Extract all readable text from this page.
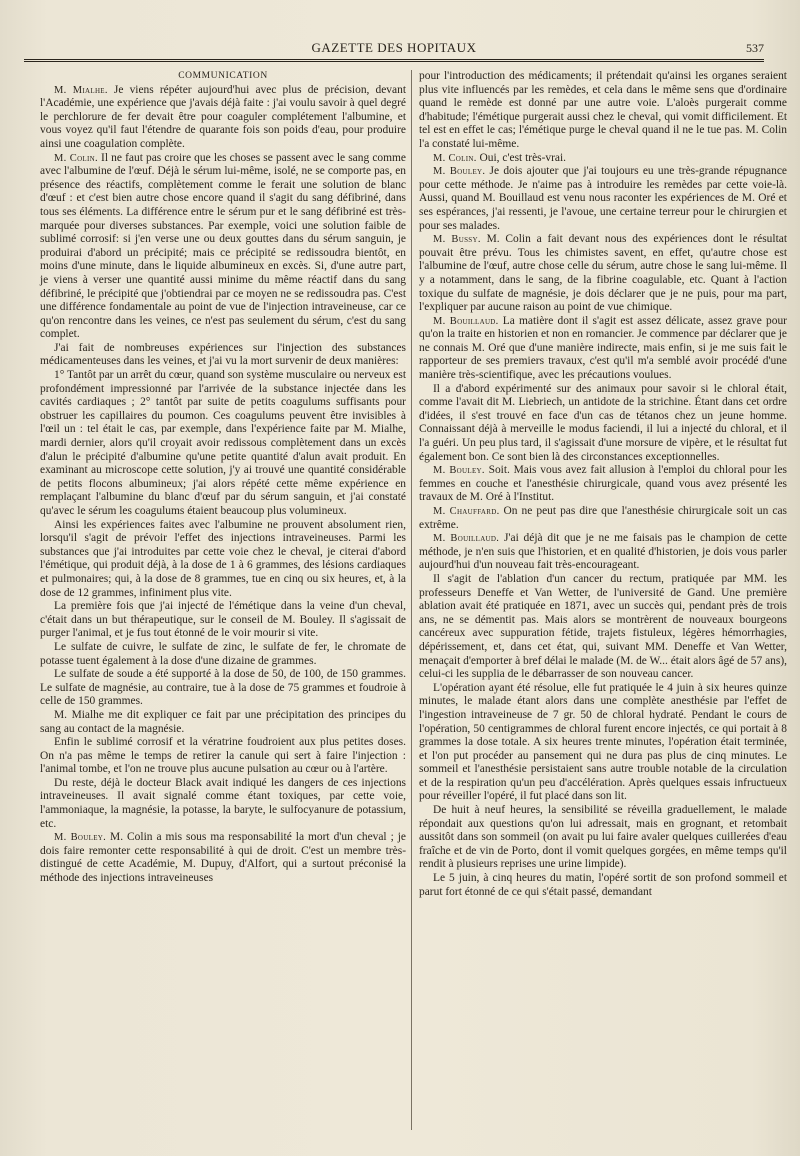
GAZETTE DES HOPITAUX	537

COMMUNICATION

M. Mialhe. Je viens répéter aujourd'hui avec plus de précision, devant l'Académie, une expérience que j'avais déjà faite : j'ai voulu savoir à quel degré le perchlorure de fer devait être pour coaguler complétement l'albumine, et vous voyez qu'il faut l'étendre de quarante fois son poids d'eau, pour produire ainsi une coagulation complète.

M. Colin. Il ne faut pas croire que les choses se passent avec le sang comme avec l'albumine de l'œuf. Déjà le sérum lui-même, isolé, ne se comporte pas, en présence des réactifs, complètement comme le ferait une solution de blanc d'œuf : et c'est bien autre chose encore quand il s'agit du sang défibriné, dans tous ses éléments. La différence entre le sérum pur et le sang défibriné est très-marquée pour diverses substances. Par exemple, voici une solution faible de sublimé corrosif: si j'en verse une ou deux gouttes dans du sérum sanguin, je produirai d'abord un précipité; mais ce précipité se redissoudra bientôt, en moins d'une minute, dans le liquide albumineux en excès. Si, d'une autre part, je viens à verser une quantité aussi minime du même réactif dans du sang défibriné, le précipité que j'obtiendrai par ce moyen ne se redissoudra pas. C'est une différence fondamentale au point de vue de l'injection intraveineuse, car ce qu'on rencontre dans les veines, ce n'est pas seulement du sérum, c'est du sang complet.

J'ai fait de nombreuses expériences sur l'injection des substances médicamenteuses dans les veines, et j'ai vu la mort survenir de deux manières:

1° Tantôt par un arrêt du cœur, quand son système musculaire ou nerveux est profondément impressionné par l'arrivée de la substance injectée dans les cavités cardiaques ; 2° tantôt par suite de petits coagulums suffisants pour obstruer les capillaires du poumon. Ces coagulums peuvent être invisibles à l'œil un : tel était le cas, par exemple, dans l'expérience faite par M. Mialhe, mardi dernier, alors qu'il croyait avoir redissous complètement dans un excès d'alun le précipité d'albumine qu'une petite quantité d'alun avait produit. En examinant au microscope cette solution, j'y ai trouvé une quantité considérable de petits flocons albumineux; j'ai alors répété cette même expérience en remplaçant l'albumine du blanc d'œuf par du sérum sanguin, et j'ai constaté qu'avec le sérum les coagulums étaient beaucoup plus volumineux.

Ainsi les expériences faites avec l'albumine ne prouvent absolument rien, lorsqu'il s'agit de prévoir l'effet des injections intraveineuses. Parmi les substances que j'ai introduites par cette voie chez le cheval, je citerai d'abord l'émétique, qui produit déjà, à la dose de 1 à 6 grammes, des lésions cardiaques et pulmonaires; qui, à la dose de 8 grammes, tue en cinq ou six heures, et, à la dose de 12 grammes, infiniment plus vite.

La première fois que j'ai injecté de l'émétique dans la veine d'un cheval, c'était dans un but thérapeutique, sur le conseil de M. Bouley. Il s'agissait de purger l'animal, et je fus tout étonné de le voir mourir si vite.

Le sulfate de cuivre, le sulfate de zinc, le sulfate de fer, le chromate de potasse tuent également à la dose d'une dizaine de grammes.

Le sulfate de soude a été supporté à la dose de 50, de 100, de 150 grammes. Le sulfate de magnésie, au contraire, tue à la dose de 75 grammes et foudroie à celle de 150 grammes.

M. Mialhe me dit expliquer ce fait par une précipitation des principes du sang au contact de la magnésie.

Enfin le sublimé corrosif et la vératrine foudroient aux plus petites doses. On n'a pas même le temps de retirer la canule qui sert à faire l'injection : l'animal tombe, et l'on ne trouve plus aucune pulsation au cœur ou à l'artère.

Du reste, déjà le docteur Black avait indiqué les dangers de ces injections intraveineuses. Il avait signalé comme étant toxiques, par cette voie, l'ammoniaque, la magnésie, la potasse, la baryte, le sulfocyanure de potassium, etc.

M. Bouley. M. Colin a mis sous ma responsabilité la mort d'un cheval ; je dois faire remonter cette responsabilité à qui de droit. C'est un membre très-distingué de cette Académie, M. Dupuy, d'Alfort, qui a surtout préconisé la méthode des injections intraveineuses

pour l'introduction des médicaments; il prétendait qu'ainsi les organes seraient plus vite influencés par les remèdes, et cela dans le même sens que d'ordinaire quand le remède est donné par une autre voie. L'aloès purgerait comme d'habitude; l'émétique purgerait aussi chez le cheval, qui vomit difficilement. Et tel est en effet le cas; l'émétique purge le cheval quand il ne le tue pas. M. Colin l'a constaté lui-même.

M. Colin. Oui, c'est très-vrai.

M. Bouley. Je dois ajouter que j'ai toujours eu une très-grande répugnance pour cette méthode. Je n'aime pas à introduire les remèdes par cette voie-là. Aussi, quand M. Bouillaud est venu nous raconter les expériences de M. Oré et ses espérances, j'ai ressenti, je l'avoue, une certaine terreur pour le chirurgien et pour ses malades.

M. Bussy. M. Colin a fait devant nous des expériences dont le résultat pouvait être prévu. Tous les chimistes savent, en effet, qu'autre chose est l'albumine de l'œuf, autre chose celle du sérum, autre chose le sang lui-même. Il y a notamment, dans le sang, de la fibrine coagulable, etc. Quant à l'action toxique du sulfate de magnésie, je dois déclarer que je ne puis, pour ma part, l'expliquer par aucune raison au point de vue chimique.

M. Bouillaud. La matière dont il s'agit est assez délicate, assez grave pour qu'on la traite en historien et non en romancier. Je commence par déclarer que je ne connais M. Oré que d'une manière indirecte, mais enfin, si je me suis fait le rapporteur de ses premiers travaux, c'est qu'il m'a semblé avoir procédé d'une manière très-scientifique, avec les précautions voulues.

Il a d'abord expérimenté sur des animaux pour savoir si le chloral était, comme l'avait dit M. Liebriech, un antidote de la strichine. Étant dans cet ordre d'idées, il s'est trouvé en face d'un cas de tétanos chez un jeune homme. Connaissant déjà à merveille le modus faciendi, il lui a injecté du chloral, et il l'a guéri. Un peu plus tard, il s'agissait d'une morsure de vipère, et le résultat fut également bon. Ce sont bien là des circonstances exceptionnelles.

M. Bouley. Soit. Mais vous avez fait allusion à l'emploi du chloral pour les femmes en couche et l'anesthésie chirurgicale, quand vous avez présenté les travaux de M. Oré à l'Institut.

M. Chauffard. On ne peut pas dire que l'anesthésie chirurgicale soit un cas extrême.

M. Bouillaud. J'ai déjà dit que je ne me faisais pas le champion de cette méthode, je n'en suis que l'historien, et en qualité d'historien, je dois vous parler aujourd'hui d'un nouveau fait très-encourageant.

Il s'agit de l'ablation d'un cancer du rectum, pratiquée par MM. les professeurs Deneffe et Van Wetter, de l'université de Gand. Une première ablation avait été pratiquée en 1871, avec un succès qui, pendant près de trois ans, ne se démentit pas. Mais alors se montrèrent de nouveaux bourgeons cancéreux avec suppuration fétide, trajets fistuleux, légères hémorrhagies, dépérissement, et, dans cet état, qui, suivant MM. Deneffe et Van Wetter, menaçait d'emporter à bref délai le malade (M. de W... était alors âgé de 57 ans), celui-ci les supplia de le débarrasser de son nouveau cancer.

L'opération ayant été résolue, elle fut pratiquée le 4 juin à six heures quinze minutes, le malade étant alors dans une complète anesthésie par l'effet de l'ingestion intraveineuse de 7 gr. 50 de chloral hydraté. Pendant le cours de l'opération, 50 centigrammes de chloral furent encore injectés, ce qui portait à 8 grammes la dose totale. A six heures trente minutes, l'opération était terminée, et l'on put procéder au pansement qui ne dura pas plus de cinq minutes. Le sommeil et l'anesthésie persistaient sans autre trouble notable de la circulation et de la respiration qu'un peu d'accélération. Après quelques essais infructueux pour réveiller l'opéré, il fut placé dans son lit.

De huit à neuf heures, la sensibilité se réveilla graduellement, le malade répondait aux questions qu'on lui adressait, mais en grognant, et retombait aussitôt dans son sommeil (on avait pu lui faire avaler quelques cuillerées d'eau fraîche et de vin de Porto, dont il vomit quelques gorgées, en même temps qu'il rendit à plusieurs reprises une urine limpide).

Le 5 juin, à cinq heures du matin, l'opéré sortit de son profond sommeil et parut fort étonné de ce qui s'était passé, demandant
